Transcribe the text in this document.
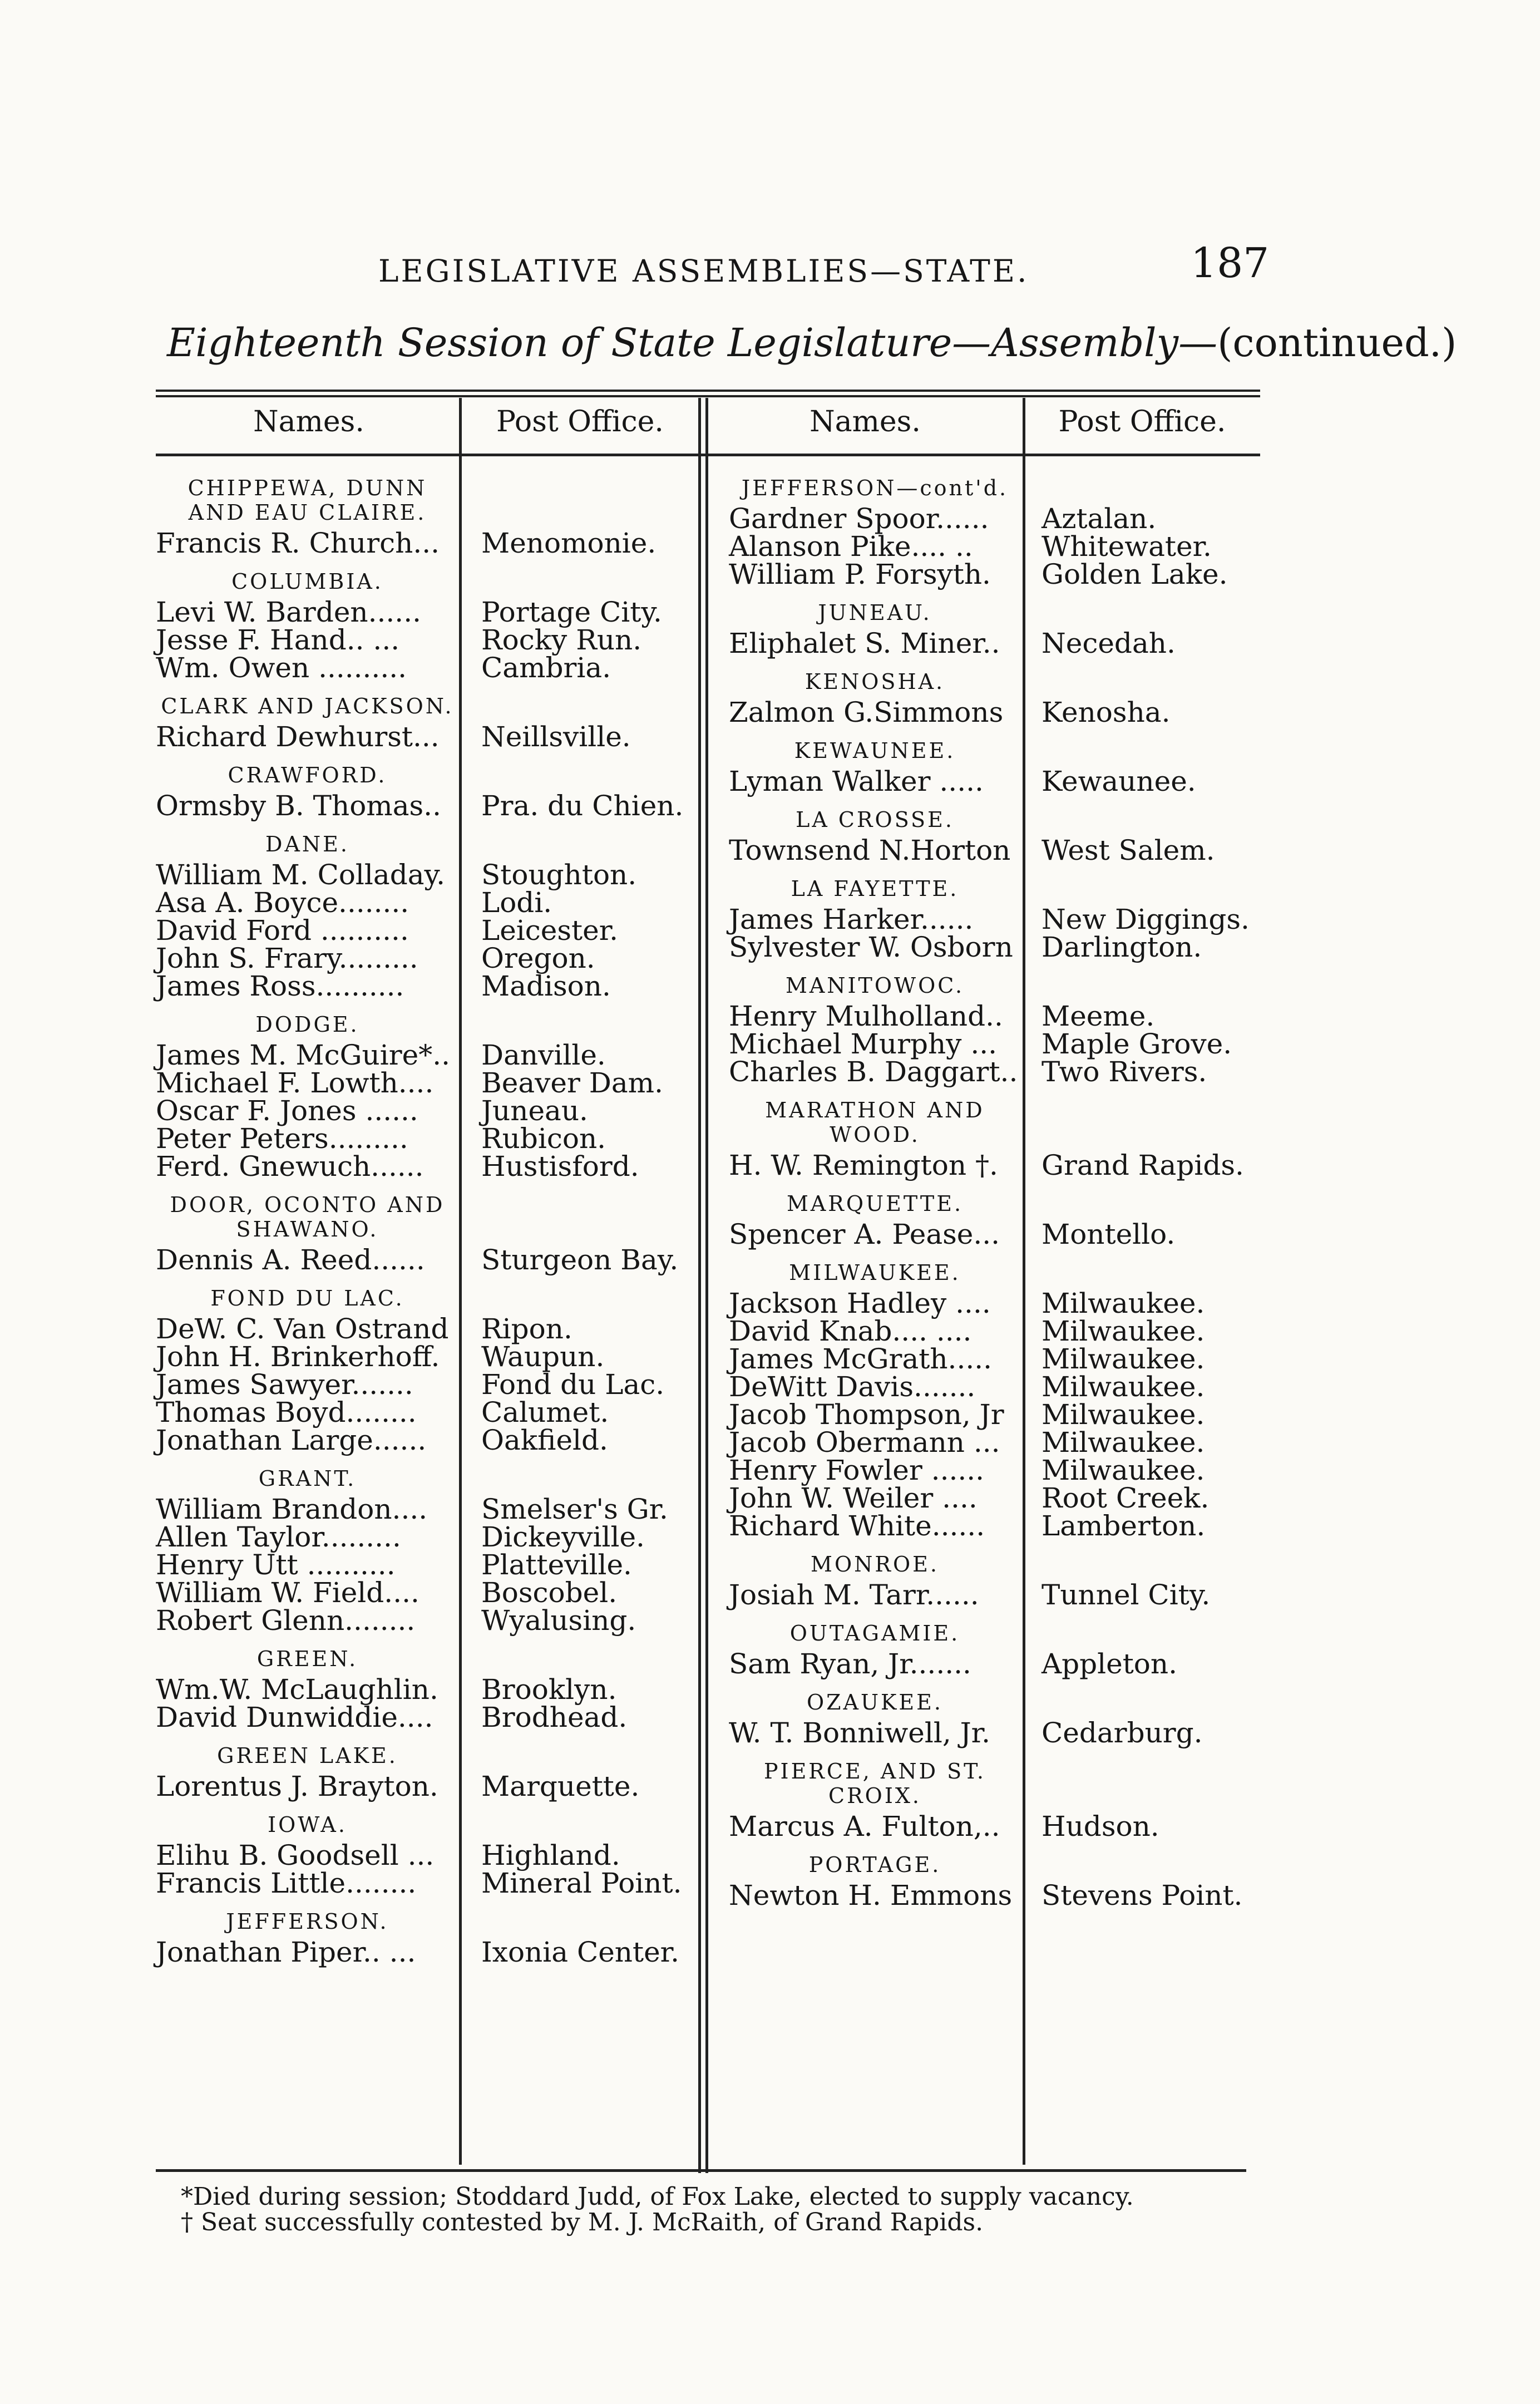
LEGISLATIVE ASSEMBLIES—STATE.	187
Eighteenth Session of State Legislature—Assembly—(continued.)
Names.	Post Office.	Names.	Post Office.
CHIPPEWA, DUNN
AND EAU CLAIRE.
Francis R. Church... Menomonie.
COLUMBIA.
Levi W. Barden...... Portage City.
Jesse F. Hand.. ...	Rocky Run.
Wm. Owen ..........	Cambria.
CLARK AND JACKSON.
Richard Dewhurst... Neillsville.
CRAWFORD.
Ormsby B. Thomas.. Pra. du Chien.
DANE.
William M. Colladay. Stoughton.
Asa A. Boyce........	Lodi.
David Ford ..........	Leicester.
John S. Frary......... Oregon.
James Ross..........	Madison.
DODGE.
James M. McGuire*.. Danville.
Michael F. Lowth.... Beaver Dam.
Oscar F. Jones ...... Juneau.
Peter Peters.........	Rubicon.
Ferd. Gnewuch...... Hustisford.
DOOR, OCONTO AND
SHAWANO.
Dennis A. Reed...... Sturgeon Bay.
FOND DU LAC.
DeW. C. Van Ostrand Ripon.
John H. Brinkerhoff. Waupun.
James Sawyer....... Fond du Lac.
Thomas Boyd........ Calumet.
Jonathan Large...... Oakfield.
GRANT.
William Brandon.... Smelser's Gr.
Allen Taylor.........	Dickeyville.
Henry Utt ..........	Platteville.
William W. Field.... Boscobel.
Robert Glenn........ Wyalusing.
GREEN.
Wm.W. McLaughlin. Brooklyn.
David Dunwiddie.... Brodhead.
GREEN LAKE.
Lorentus J. Brayton. Marquette.
IOWA.
Elihu B. Goodsell ... Highland.
Francis Little........ Mineral Point.
JEFFERSON.
Jonathan Piper.. ... Ixonia Center.
JEFFERSON—cont'd.
Gardner Spoor...... Aztalan.
Alanson Pike.... .. Whitewater.
William P. Forsyth. Golden Lake.
JUNEAU.
Eliphalet S. Miner.. Necedah.
KENOSHA.
Zalmon G.Simmons Kenosha.
KEWAUNEE.
Lyman Walker ..... Kewaunee.
LA CROSSE.
Townsend N.Horton West Salem.
LA FAYETTE.
James Harker...... New Diggings.
Sylvester W. Osborn Darlington.
MANITOWOC.
Henry Mulholland.. Meeme.
Michael Murphy ... Maple Grove.
Charles B. Daggart.. Two Rivers.
MARATHON AND
WOOD.
H. W. Remington †. Grand Rapids.
MARQUETTE.
Spencer A. Pease... Montello.
MILWAUKEE.
Jackson Hadley .... Milwaukee.
David Knab.... ....	Milwaukee.
James McGrath..... Milwaukee.
DeWitt Davis....... Milwaukee.
Jacob Thompson, Jr Milwaukee.
Jacob Obermann ... Milwaukee.
Henry Fowler ...... Milwaukee.
John W. Weiler .... Root Creek.
Richard White...... Lamberton.
MONROE.
Josiah M. Tarr...... Tunnel City.
OUTAGAMIE.
Sam Ryan, Jr.......	Appleton.
OZAUKEE.
W. T. Bonniwell, Jr. Cedarburg.
PIERCE, AND ST.
CROIX.
Marcus A. Fulton,.. Hudson.
PORTAGE.
Newton H. Emmons Stevens Point.
*Died during session; Stoddard Judd, of Fox Lake, elected to supply vacancy.
† Seat successfully contested by M. J. McRaith, of Grand Rapids.
